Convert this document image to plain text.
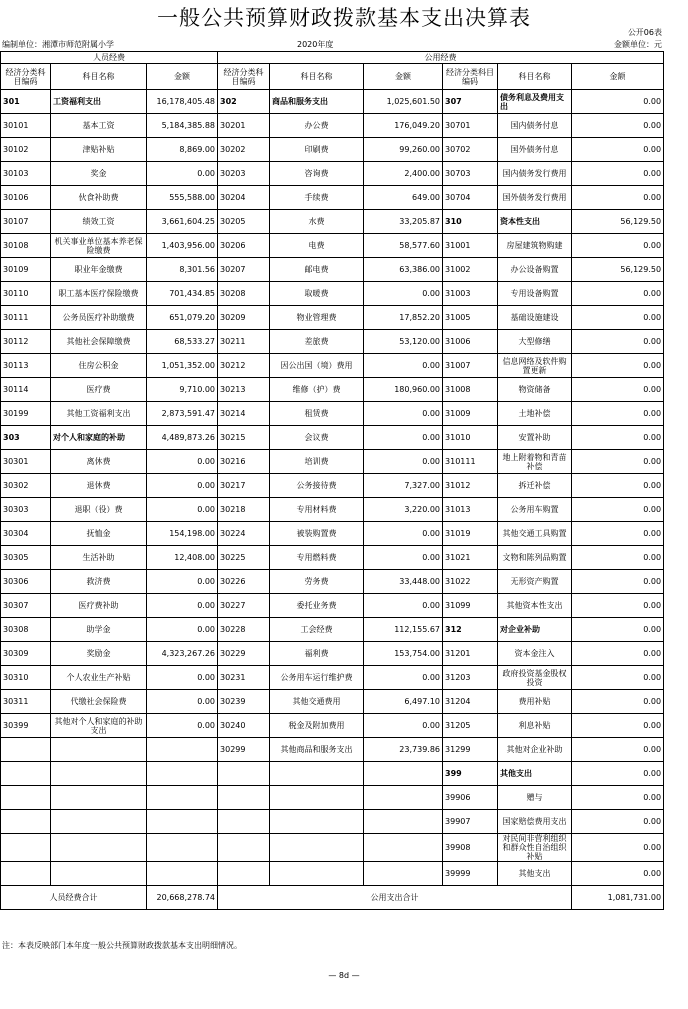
一般公共预算财政拨款基本支出决算表
公开06表
编制单位：湘潭市师范附属小学	2020年度	金额单位：元
人员经费			公用经费					
经济分类科目编码	科目名称	金额	经济分类科目编码	科目名称	金额	经济分类科目编码	科目名称	金额
301	工资福利支出	16,178,405.48	302	商品和服务支出	1,025,601.50	307	债务利息及费用支出	0.00
30101	基本工资	5,184,385.88	30201	办公费	176,049.20	30701	国内债务付息	0.00
30102	津贴补贴	8,869.00	30202	印刷费	99,260.00	30702	国外债务付息	0.00
30103	奖金	0.00	30203	咨询费	2,400.00	30703	国内债务发行费用	0.00
30106	伙食补助费	555,588.00	30204	手续费	649.00	30704	国外债务发行费用	0.00
30107	绩效工资	3,661,604.25	30205	水费	33,205.87	310	资本性支出	56,129.50
30108	机关事业单位基本养老保险缴费	1,403,956.00	30206	电费	58,577.60	31001	房屋建筑物购建	0.00
30109	职业年金缴费	8,301.56	30207	邮电费	63,386.00	31002	办公设备购置	56,129.50
30110	职工基本医疗保险缴费	701,434.85	30208	取暖费	0.00	31003	专用设备购置	0.00
30111	公务员医疗补助缴费	651,079.20	30209	物业管理费	17,852.20	31005	基础设施建设	0.00
30112	其他社会保障缴费	68,533.27	30211	差旅费	53,120.00	31006	大型修缮	0.00
30113	住房公积金	1,051,352.00	30212	因公出国（境）费用	0.00	31007	信息网络及软件购置更新	0.00
30114	医疗费	9,710.00	30213	维修（护）费	180,960.00	31008	物资储备	0.00
30199	其他工资福利支出	2,873,591.47	30214	租赁费	0.00	31009	土地补偿	0.00
303	对个人和家庭的补助	4,489,873.26	30215	会议费	0.00	31010	安置补助	0.00
30301	离休费	0.00	30216	培训费	0.00	310111	地上附着物和青苗补偿	0.00
30302	退休费	0.00	30217	公务接待费	7,327.00	31012	拆迁补偿	0.00
30303	退职（役）费	0.00	30218	专用材料费	3,220.00	31013	公务用车购置	0.00
30304	抚恤金	154,198.00	30224	被装购置费	0.00	31019	其他交通工具购置	0.00
30305	生活补助	12,408.00	30225	专用燃料费	0.00	31021	文物和陈列品购置	0.00
30306	救济费	0.00	30226	劳务费	33,448.00	31022	无形资产购置	0.00
30307	医疗费补助	0.00	30227	委托业务费	0.00	31099	其他资本性支出	0.00
30308	助学金	0.00	30228	工会经费	112,155.67	312	对企业补助	0.00
30309	奖励金	4,323,267.26	30229	福利费	153,754.00	31201	资本金注入	0.00
30310	个人农业生产补贴	0.00	30231	公务用车运行维护费	0.00	31203	政府投资基金股权投资	0.00
30311	代缴社会保险费	0.00	30239	其他交通费用	6,497.10	31204	费用补贴	0.00
30399	其他对个人和家庭的补助支出	0.00	30240	税金及附加费用	0.00	31205	利息补贴	0.00
			30299	其他商品和服务支出	23,739.86	31299	其他对企业补助	0.00
						399	其他支出	0.00
						39906	赠与	0.00
						39907	国家赔偿费用支出	0.00
						39908	对民间非营利组织和群众性自治组织补贴	0.00
						39999	其他支出	0.00
人员经费合计		20,668,278.74	公用支出合计					1,081,731.00
注：本表反映部门本年度一般公共预算财政拨款基本支出明细情况。
— 8d —
